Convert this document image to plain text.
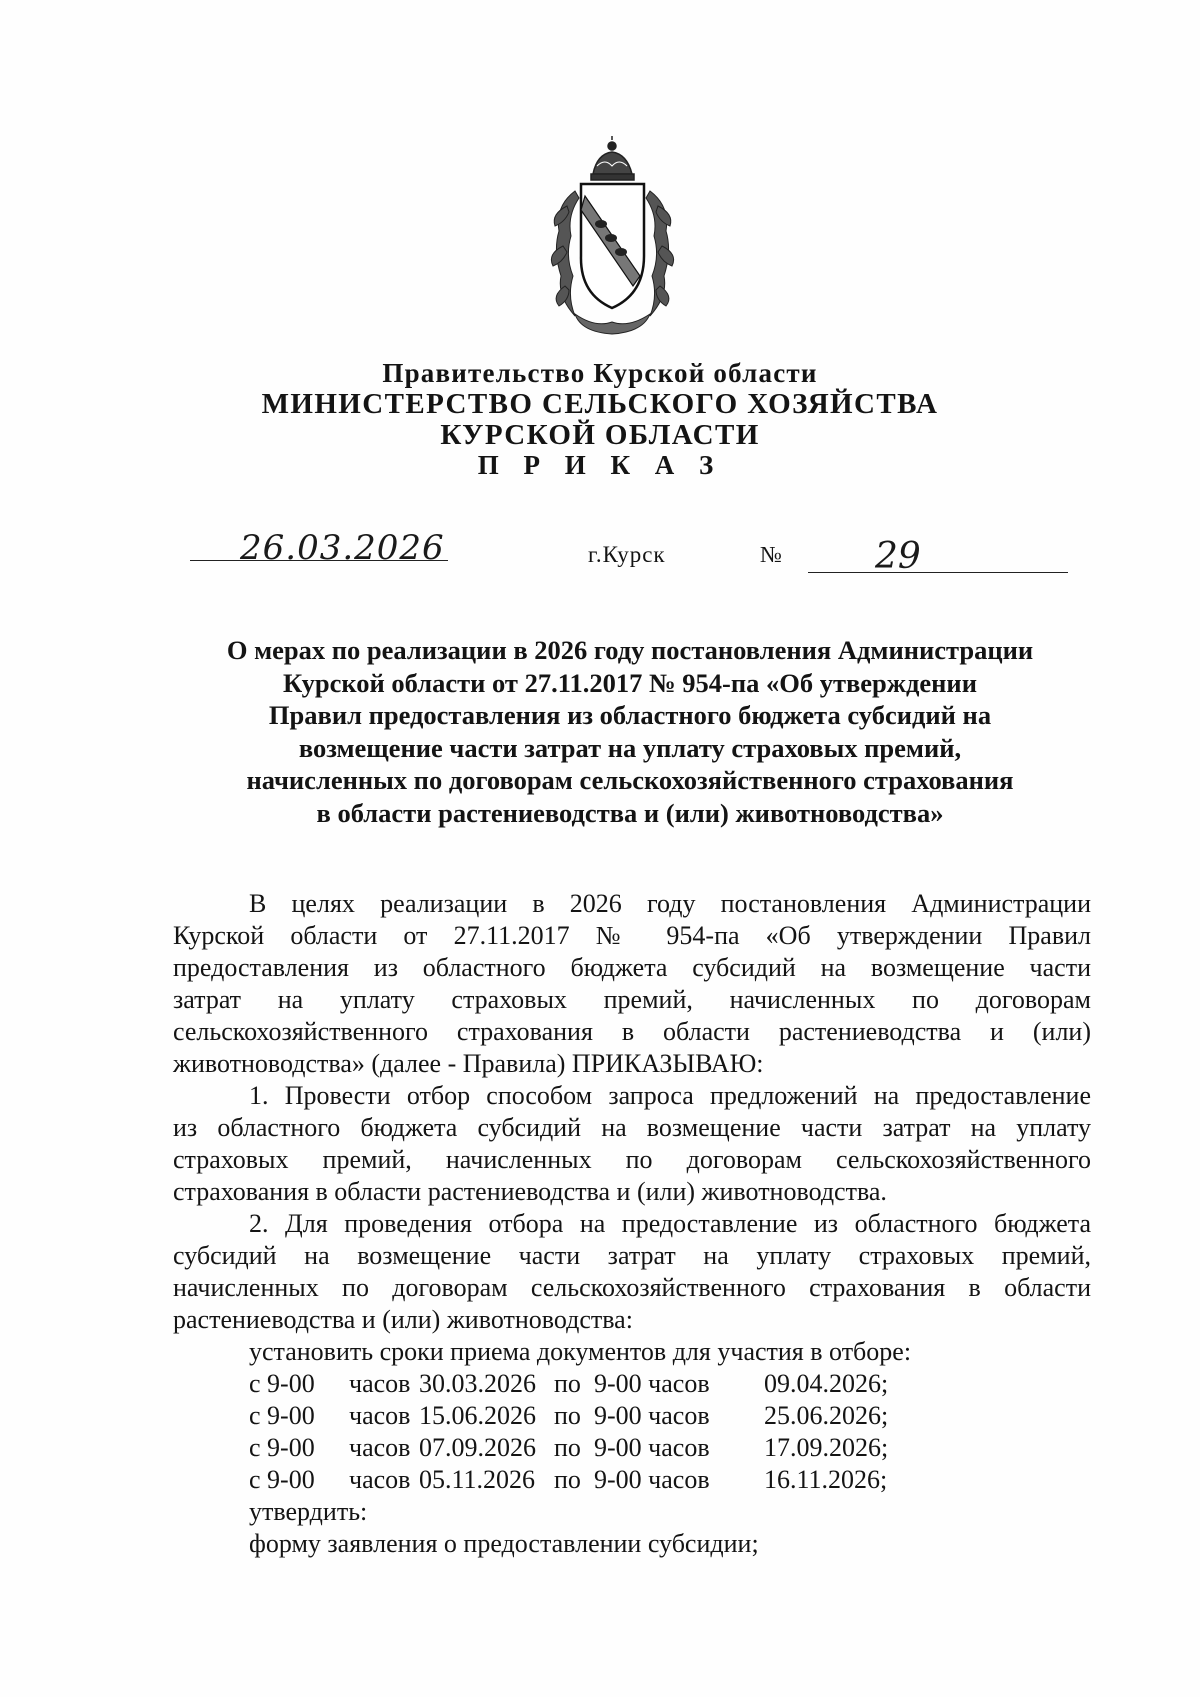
Правительство Курской области
МИНИСТЕРСТВО СЕЛЬСКОГО ХОЗЯЙСТВА
КУРСКОЙ ОБЛАСТИ
П Р И К А З
26.03.2026	г.Курск	№	29
О мерах по реализации в 2026 году постановления Администрации
Курской области от 27.11.2017 № 954-па «Об утверждении
Правил предоставления из областного бюджета субсидий на
возмещение части затрат на уплату страховых премий,
начисленных по договорам сельскохозяйственного страхования
в области растениеводства и (или) животноводства»
В целях реализации в 2026 году постановления Администрации
Курской области от 27.11.2017 № 954-па «Об утверждении Правил
предоставления из областного бюджета субсидий на возмещение части
затрат на уплату страховых премий, начисленных по договорам
сельскохозяйственного страхования в области растениеводства и (или)
животноводства» (далее - Правила) ПРИКАЗЫВАЮ:
1. Провести отбор способом запроса предложений на предоставление
из областного бюджета субсидий на возмещение части затрат на уплату
страховых премий, начисленных по договорам сельскохозяйственного
страхования в области растениеводства и (или) животноводства.
2. Для проведения отбора на предоставление из областного бюджета
субсидий на возмещение части затрат на уплату страховых премий,
начисленных по договорам сельскохозяйственного страхования в области
растениеводства и (или) животноводства:
установить сроки приема документов для участия в отборе:
с 9-00 часов 30.03.2026 по 9-00 часов 09.04.2026;
с 9-00 часов 15.06.2026 по 9-00 часов 25.06.2026;
с 9-00 часов 07.09.2026 по 9-00 часов 17.09.2026;
с 9-00 часов 05.11.2026 по 9-00 часов 16.11.2026;
утвердить:
форму заявления о предоставлении субсидии;
